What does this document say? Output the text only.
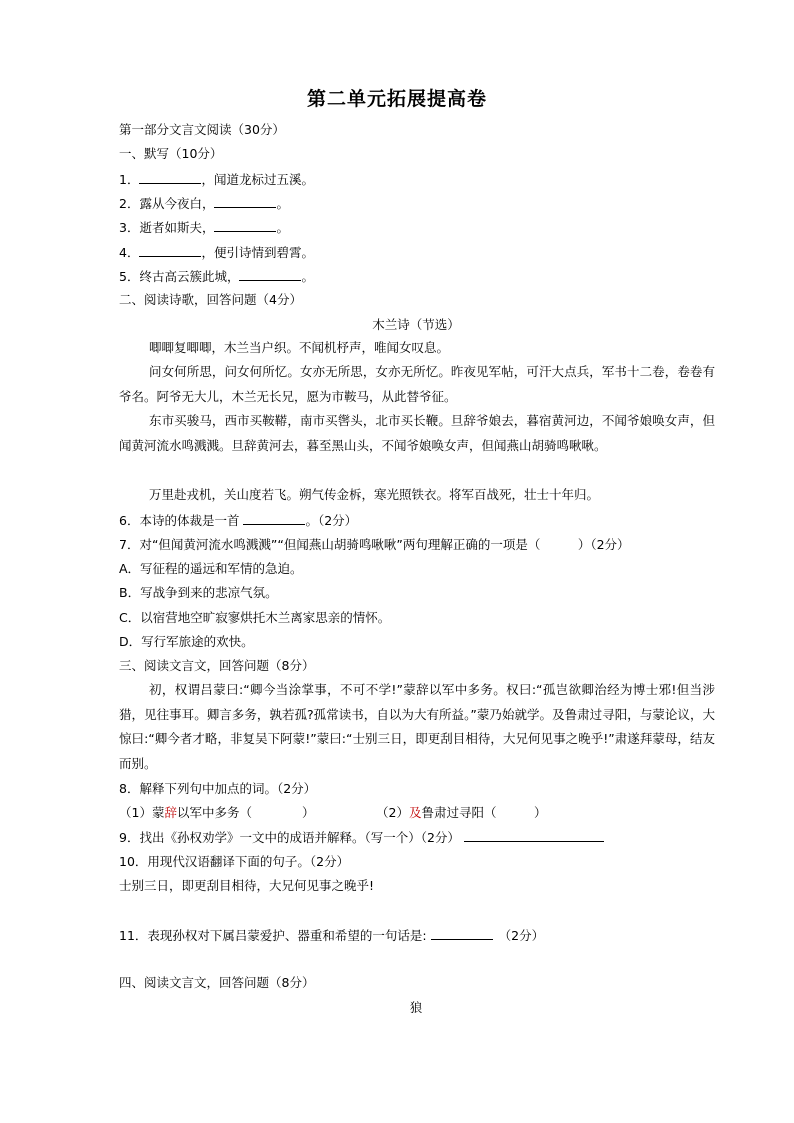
第二单元拓展提高卷
第一部分文言文阅读（30分）
一、默写（10分）
1．	，闻道龙标过五溪。
2．露从今夜白，	。
3．逝者如斯夫，	。
4．	，便引诗情到碧霄。
5．终古高云簇此城，	。
二、阅读诗歌，回答问题（4分）
木兰诗（节选）
唧唧复唧唧，木兰当户织。不闻机杼声，唯闻女叹息。
问女何所思，问女何所忆。女亦无所思，女亦无所忆。昨夜见军帖，可汗大点兵，军书十二卷，卷卷有爷名。阿爷无大儿，木兰无长兄，愿为市鞍马，从此替爷征。
东市买骏马，西市买鞍鞯，南市买辔头，北市买长鞭。旦辞爷娘去，暮宿黄河边，不闻爷娘唤女声，但闻黄河流水鸣溅溅。旦辞黄河去，暮至黑山头，不闻爷娘唤女声，但闻燕山胡骑鸣啾啾。
万里赴戎机，关山度若飞。朔气传金柝，寒光照铁衣。将军百战死，壮士十年归。
6．本诗的体裁是一首	。（2分）
7．对“但闻黄河流水鸣溅溅”“但闻燕山胡骑鸣啾啾”两句理解正确的一项是（　　　）（2分）
A．写征程的遥远和军情的急迫。
B．写战争到来的悲凉气氛。
C．以宿营地空旷寂寥烘托木兰离家思亲的情怀。
D．写行军旅途的欢快。
三、阅读文言文，回答问题（8分）
初，权谓吕蒙曰:“卿今当涂掌事，不可不学!”蒙辞以军中多务。权曰:“孤岂欲卿治经为博士邪!但当涉猎，见往事耳。卿言多务，孰若孤?孤常读书，自以为大有所益。”蒙乃始就学。及鲁肃过寻阳，与蒙论议，大惊曰:“卿今者才略，非复吴下阿蒙!”蒙曰:“士别三日，即更刮目相待，大兄何见事之晚乎!”肃遂拜蒙母，结友而别。
8．解释下列句中加点的词。（2分）
（1）蒙辞以军中多务（　　　　）	（2）及鲁肃过寻阳（　　　）
9．找出《孙权劝学》一文中的成语并解释。（写一个）（2分）
10．用现代汉语翻译下面的句子。（2分）
士别三日，即更刮目相待，大兄何见事之晚乎!
11．表现孙权对下属吕蒙爱护、器重和希望的一句话是:	（2分）
四、阅读文言文，回答问题（8分）
狼
